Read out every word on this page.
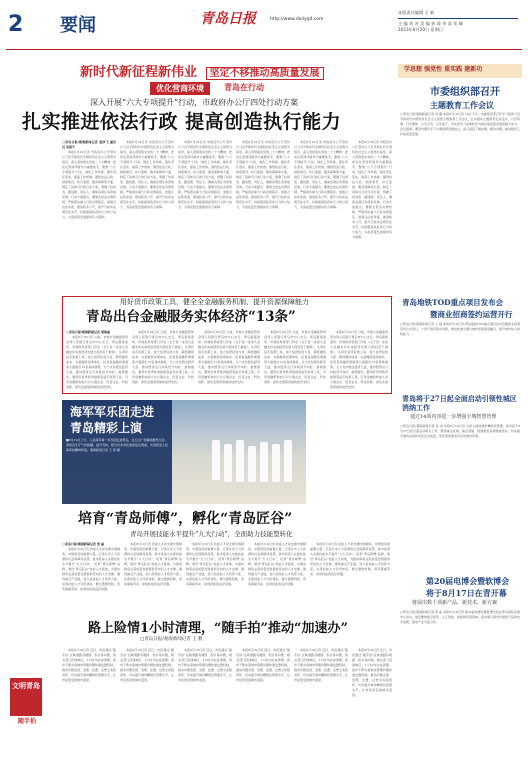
2 要闻	青岛日报	http://www.dailyqd.com
本版责任编辑 王 敏
主 编 刘 芳 美 编 孙 琦 审 读 张 峰
2023年8月20日 星期日
新时代新征程新伟业 坚定不移推动高质量发展
优化营商环境	青岛在行动
深入开展“六大专项提升”行动，市政府办公厅四处行动方案
扎实推进依法行政 提高创造执行能力
□青岛日报/观海新闻记者 袁莎飞 通讯员 宋蒙平

本报8月19日讯 市政府办公厅坚持以习近平新时代中国特色社会主义思想为指导，深入贯彻落实党的二十大精神，把优化营商环境作为重要抓手，聚焦“六大专项提升”行动，细化工作举措，强化责任落实，提高工作质效。围绕依法行政、制度建设、执行监督、服务保障等方面，制定了具体可行的行动方案，明确了时间表、路线图、责任人，确保各项任务落地见效。行动方案提出，要健全依法决策机制，严格落实重大行政决策程序，加强合法性审查，推进政务公开，提升行政执法规范化水平，持续提高政府执行力和公信力，为高质量发展提供有力保障。

本报8月19日讯 市政府办公厅坚持以习近平新时代中国特色社会主义思想为指导，深入贯彻落实党的二十大精神，把优化营商环境作为重要抓手，聚焦“六大专项提升”行动，细化工作举措，强化责任落实，提高工作质效。围绕依法行政、制度建设、执行监督、服务保障等方面，制定了具体可行的行动方案，明确了时间表、路线图、责任人，确保各项任务落地见效。行动方案提出，要健全依法决策机制，严格落实重大行政决策程序，加强合法性审查，推进政务公开，提升行政执法规范化水平，持续提高政府执行力和公信力，为高质量发展提供有力保障。

本报8月19日讯 市政府办公厅坚持以习近平新时代中国特色社会主义思想为指导，深入贯彻落实党的二十大精神，把优化营商环境作为重要抓手，聚焦“六大专项提升”行动，细化工作举措，强化责任落实，提高工作质效。围绕依法行政、制度建设、执行监督、服务保障等方面，制定了具体可行的行动方案，明确了时间表、路线图、责任人，确保各项任务落地见效。行动方案提出，要健全依法决策机制，严格落实重大行政决策程序，加强合法性审查，推进政务公开，提升行政执法规范化水平，持续提高政府执行力和公信力，为高质量发展提供有力保障。

本报8月19日讯 市政府办公厅坚持以习近平新时代中国特色社会主义思想为指导，深入贯彻落实党的二十大精神，把优化营商环境作为重要抓手，聚焦“六大专项提升”行动，细化工作举措，强化责任落实，提高工作质效。围绕依法行政、制度建设、执行监督、服务保障等方面，制定了具体可行的行动方案，明确了时间表、路线图、责任人，确保各项任务落地见效。行动方案提出，要健全依法决策机制，严格落实重大行政决策程序，加强合法性审查，推进政务公开，提升行政执法规范化水平，持续提高政府执行力和公信力，为高质量发展提供有力保障。

本报8月19日讯 市政府办公厅坚持以习近平新时代中国特色社会主义思想为指导，深入贯彻落实党的二十大精神，把优化营商环境作为重要抓手，聚焦“六大专项提升”行动，细化工作举措，强化责任落实，提高工作质效。围绕依法行政、制度建设、执行监督、服务保障等方面，制定了具体可行的行动方案，明确了时间表、路线图、责任人，确保各项任务落地见效。行动方案提出，要健全依法决策机制，严格落实重大行政决策程序，加强合法性审查，推进政务公开，提升行政执法规范化水平，持续提高政府执行力和公信力，为高质量发展提供有力保障。

本报8月19日讯 市政府办公厅坚持以习近平新时代中国特色社会主义思想为指导，深入贯彻落实党的二十大精神，把优化营商环境作为重要抓手，聚焦“六大专项提升”行动，细化工作举措，强化责任落实，提高工作质效。围绕依法行政、制度建设、执行监督、服务保障等方面，制定了具体可行的行动方案，明确了时间表、路线图、责任人，确保各项任务落地见效。行动方案提出，要健全依法决策机制，严格落实重大行政决策程序，加强合法性审查，推进政务公开，提升行政执法规范化水平，持续提高政府执行力和公信力，为高质量发展提供有力保障。

用好货币政策工具，健全全金融服务机制，提升资源保障能力
青岛出台金融服务实体经济“13条”
□青岛日报/观海新闻记者 周艳丽

本报8月19日讯 日前，市地方金融监管局会同人民银行青岛市中心支行、青岛银保监局、市财政局等部门印发《关于进一步加大金融支持实体经济发展力度的若干措施》，从用好货币政策工具、加大信贷投放力度、降低融资成本、完善融资担保体系、拓宽直接融资渠道等方面提出13条具体措施，全力支持稳住经济大盘，推动经济运行持续回升向好。措施提出，要用好再贷款再贴现等货币政策工具，引导金融机构加大对小微企业、民营企业、科技创新、绿色发展等领域的信贷支持。

本报8月19日讯 日前，市地方金融监管局会同人民银行青岛市中心支行、青岛银保监局、市财政局等部门印发《关于进一步加大金融支持实体经济发展力度的若干措施》，从用好货币政策工具、加大信贷投放力度、降低融资成本、完善融资担保体系、拓宽直接融资渠道等方面提出13条具体措施，全力支持稳住经济大盘，推动经济运行持续回升向好。措施提出，要用好再贷款再贴现等货币政策工具，引导金融机构加大对小微企业、民营企业、科技创新、绿色发展等领域的信贷支持。

本报8月19日讯 日前，市地方金融监管局会同人民银行青岛市中心支行、青岛银保监局、市财政局等部门印发《关于进一步加大金融支持实体经济发展力度的若干措施》，从用好货币政策工具、加大信贷投放力度、降低融资成本、完善融资担保体系、拓宽直接融资渠道等方面提出13条具体措施，全力支持稳住经济大盘，推动经济运行持续回升向好。措施提出，要用好再贷款再贴现等货币政策工具，引导金融机构加大对小微企业、民营企业、科技创新、绿色发展等领域的信贷支持。

本报8月19日讯 日前，市地方金融监管局会同人民银行青岛市中心支行、青岛银保监局、市财政局等部门印发《关于进一步加大金融支持实体经济发展力度的若干措施》，从用好货币政策工具、加大信贷投放力度、降低融资成本、完善融资担保体系、拓宽直接融资渠道等方面提出13条具体措施，全力支持稳住经济大盘，推动经济运行持续回升向好。措施提出，要用好再贷款再贴现等货币政策工具，引导金融机构加大对小微企业、民营企业、科技创新、绿色发展等领域的信贷支持。

本报8月19日讯 日前，市地方金融监管局会同人民银行青岛市中心支行、青岛银保监局、市财政局等部门印发《关于进一步加大金融支持实体经济发展力度的若干措施》，从用好货币政策工具、加大信贷投放力度、降低融资成本、完善融资担保体系、拓宽直接融资渠道等方面提出13条具体措施，全力支持稳住经济大盘，推动经济运行持续回升向好。措施提出，要用好再贷款再贴现等货币政策工具，引导金融机构加大对小微企业、民营企业、科技创新、绿色发展等领域的信贷支持。

海军军乐团走进
青岛精彩上演
■8月19日上午，人民海军第一军乐团走进青岛，在五四广场奏响激昂乐章。现场音乐厅气势磅礴，鼓号齐鸣，吸引众多市民游客驻足观看，共同感受人民海军的精神风貌。观海新闻记者 王 滨 摄
培育“青岛师傅”，孵化“青岛匠谷”
青岛开展技能水平提升“九大行动”，全面助力技能型转化
□青岛日报/观海新闻记者 张 丽

本报8月19日讯 技能人才是支撑中国制造、中国创造的重要力量。记者从市人力资源和社会保障局获悉，我市将深入实施技能水平提升“九大行动”，培育“青岛师傅”品牌，建设“青岛匠谷”技能人才高地，为推动制造业高质量发展提供坚实的人才支撑。围绕重点产业链，加大高技能人才培养力度，完善技能人才评价体系，健全激励机制，营造尊重劳动、崇尚技能的良好氛围。

本报8月19日讯 技能人才是支撑中国制造、中国创造的重要力量。记者从市人力资源和社会保障局获悉，我市将深入实施技能水平提升“九大行动”，培育“青岛师傅”品牌，建设“青岛匠谷”技能人才高地，为推动制造业高质量发展提供坚实的人才支撑。围绕重点产业链，加大高技能人才培养力度，完善技能人才评价体系，健全激励机制，营造尊重劳动、崇尚技能的良好氛围。

本报8月19日讯 技能人才是支撑中国制造、中国创造的重要力量。记者从市人力资源和社会保障局获悉，我市将深入实施技能水平提升“九大行动”，培育“青岛师傅”品牌，建设“青岛匠谷”技能人才高地，为推动制造业高质量发展提供坚实的人才支撑。围绕重点产业链，加大高技能人才培养力度，完善技能人才评价体系，健全激励机制，营造尊重劳动、崇尚技能的良好氛围。

本报8月19日讯 技能人才是支撑中国制造、中国创造的重要力量。记者从市人力资源和社会保障局获悉，我市将深入实施技能水平提升“九大行动”，培育“青岛师傅”品牌，建设“青岛匠谷”技能人才高地，为推动制造业高质量发展提供坚实的人才支撑。围绕重点产业链，加大高技能人才培养力度，完善技能人才评价体系，健全激励机制，营造尊重劳动、崇尚技能的良好氛围。

本报8月19日讯 技能人才是支撑中国制造、中国创造的重要力量。记者从市人力资源和社会保障局获悉，我市将深入实施技能水平提升“九大行动”，培育“青岛师傅”品牌，建设“青岛匠谷”技能人才高地，为推动制造业高质量发展提供坚实的人才支撑。围绕重点产业链，加大高技能人才培养力度，完善技能人才评价体系，健全激励机制，营造尊重劳动、崇尚技能的良好氛围。

路上险情1小时清理，“随手拍”推动“加速办”
□青岛日报/观海新闻记者 王 帆

本报8月19日讯 近日，市民通过“随手拍”反映道路有破损、积水等问题，相关部门迅速响应，1小时内完成清理。我市不断完善城市管理问题快速处置机制，推动问题发现、受理、处置、反馈全流程闭环，切实提升城市精细化管理水平，让市民感受到城市温度。

本报8月19日讯 近日，市民通过“随手拍”反映道路有破损、积水等问题，相关部门迅速响应，1小时内完成清理。我市不断完善城市管理问题快速处置机制，推动问题发现、受理、处置、反馈全流程闭环，切实提升城市精细化管理水平，让市民感受到城市温度。

本报8月19日讯 近日，市民通过“随手拍”反映道路有破损、积水等问题，相关部门迅速响应，1小时内完成清理。我市不断完善城市管理问题快速处置机制，推动问题发现、受理、处置、反馈全流程闭环，切实提升城市精细化管理水平，让市民感受到城市温度。

本报8月19日讯 近日，市民通过“随手拍”反映道路有破损、积水等问题，相关部门迅速响应，1小时内完成清理。我市不断完善城市管理问题快速处置机制，推动问题发现、受理、处置、反馈全流程闭环，切实提升城市精细化管理水平，让市民感受到城市温度。

本报8月19日讯 近日，市民通过“随手拍”反映道路有破损、积水等问题，相关部门迅速响应，1小时内完成清理。我市不断完善城市管理问题快速处置机制，推动问题发现、受理、处置、反馈全流程闭环，切实提升城市精细化管理水平，让市民感受到城市温度。

本报8月19日讯 近日，市民通过“随手拍”反映道路有破损、积水等问题，相关部门迅速响应，1小时内完成清理。我市不断完善城市管理问题快速处置机制，推动问题发现、受理、处置、反馈全流程闭环，切实提升城市精细化管理水平，让市民感受到城市温度。

文明青岛
随手拍
学思想 强党性 重实践 建新功
市委组织部召开
主题教育工作会议
□青岛日报/观海新闻记者 刘 璐 本报8月19日讯 19日下午，市委组织部召开学习贯彻习近平新时代中国特色社会主义思想主题教育工作会议，扎实推动主题教育走深走实，以学铸魂、以学增智、以学正风、以学促干，切实把学习成果转化为推动高质量发展的强大动力。会议强调，要坚持理论学习与调查研究相结合，深入基层了解实情，解决问题，推动组织工作高质量发展。
青岛地铁TOD重点项目发布会
暨商业招商签约运营开行
□青岛日报/观海新闻记者 王 娟 本报8月19日讯 青岛地铁TOD重点项目发布会暨商业招商签约仪式举行，十余个项目集中亮相，推动轨道交通与城市发展深度融合，提升城市综合承载能力。
青岛将于27日起全面启动引领性城区消纳工作
通过14项内容进一步增强全城智慧管理
□青岛日报/观海新闻记者 孙 涛 本报8月19日讯 为深入推进城市精细化管理，我市将于8月27日起全面启动相关工作，聚焦重点区域、重点领域，统筹推进各项措施落实，切实提升城市品质和市民生活质量，营造更加整洁有序的城市环境。
第20届电博会暨软博会
将于8月17日在青开幕
将展出数千项新产品、新技术、新方案
□青岛日报/观海新闻记者 周 丽 本报8月19日讯 第20届电博会暨软博会将在青岛国际会展中心举办，展会聚焦数字经济、人工智能、智能制造等领域，集中展示国内外最新产品和技术成果，推动产业交流合作。
